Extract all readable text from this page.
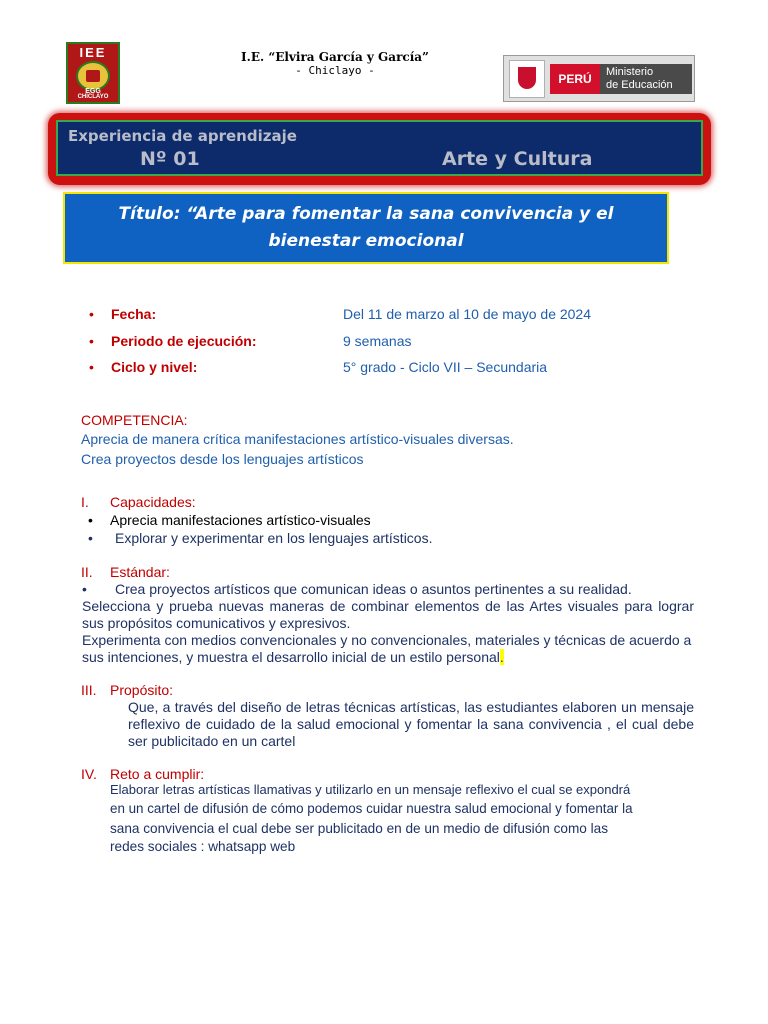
IEE
EGG
CHICLAYO
I.E. “Elvira García y García”
- Chiclayo -
PERÚ	Ministerio
de Educación
Experiencia de aprendizaje
Nº 01	Arte y Cultura
Título: “Arte para fomentar la sana convivencia y el bienestar emocional
• Fecha:	Del 11 de marzo al 10 de mayo de 2024
• Periodo de ejecución:	9 semanas
• Ciclo y nivel:	5° grado - Ciclo VII – Secundaria
COMPETENCIA:
Aprecia de manera crítica manifestaciones artístico-visuales diversas.
Crea proyectos desde los lenguajes artísticos
I. Capacidades:
• Aprecia manifestaciones artístico-visuales
• Explorar y experimentar en los lenguajes artísticos.
II. Estándar:
• Crea proyectos artísticos que comunican ideas o asuntos pertinentes a su realidad.
Selecciona y prueba nuevas maneras de combinar elementos de las Artes visuales para lograr sus propósitos comunicativos y expresivos.
Experimenta con medios convencionales y no convencionales, materiales y técnicas de acuerdo a sus intenciones, y muestra el desarrollo inicial de un estilo personal.
III. Propósito:
Que, a través del diseño de letras técnicas artísticas, las estudiantes elaboren un mensaje reflexivo de cuidado de la salud emocional y fomentar la sana convivencia , el cual debe ser publicitado en un cartel
IV. Reto a cumplir:
Elaborar letras artísticas llamativas y utilizarlo en un mensaje reflexivo el cual se expondrá
en un cartel de difusión de cómo podemos cuidar nuestra salud emocional y fomentar la
sana convivencia el cual debe ser publicitado en de un medio de difusión como las
redes sociales : whatsapp web
